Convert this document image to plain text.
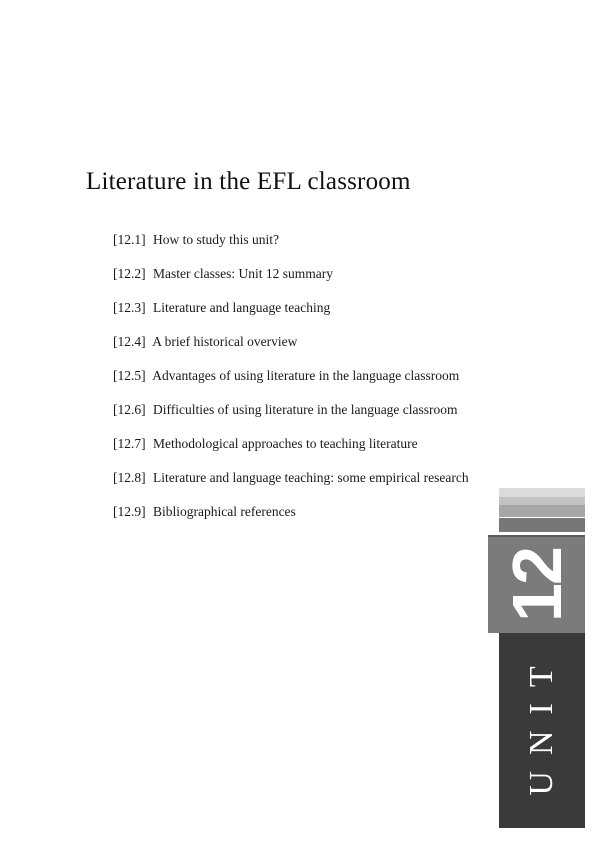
Literature in the EFL classroom
[12.1] How to study this unit?
[12.2] Master classes: Unit 12 summary
[12.3] Literature and language teaching
[12.4] A brief historical overview
[12.5] Advantages of using literature in the language classroom
[12.6] Difficulties of using literature in the language classroom
[12.7] Methodological approaches to teaching literature
[12.8] Literature and language teaching: some empirical research
[12.9] Bibliographical references
12
UNIT
